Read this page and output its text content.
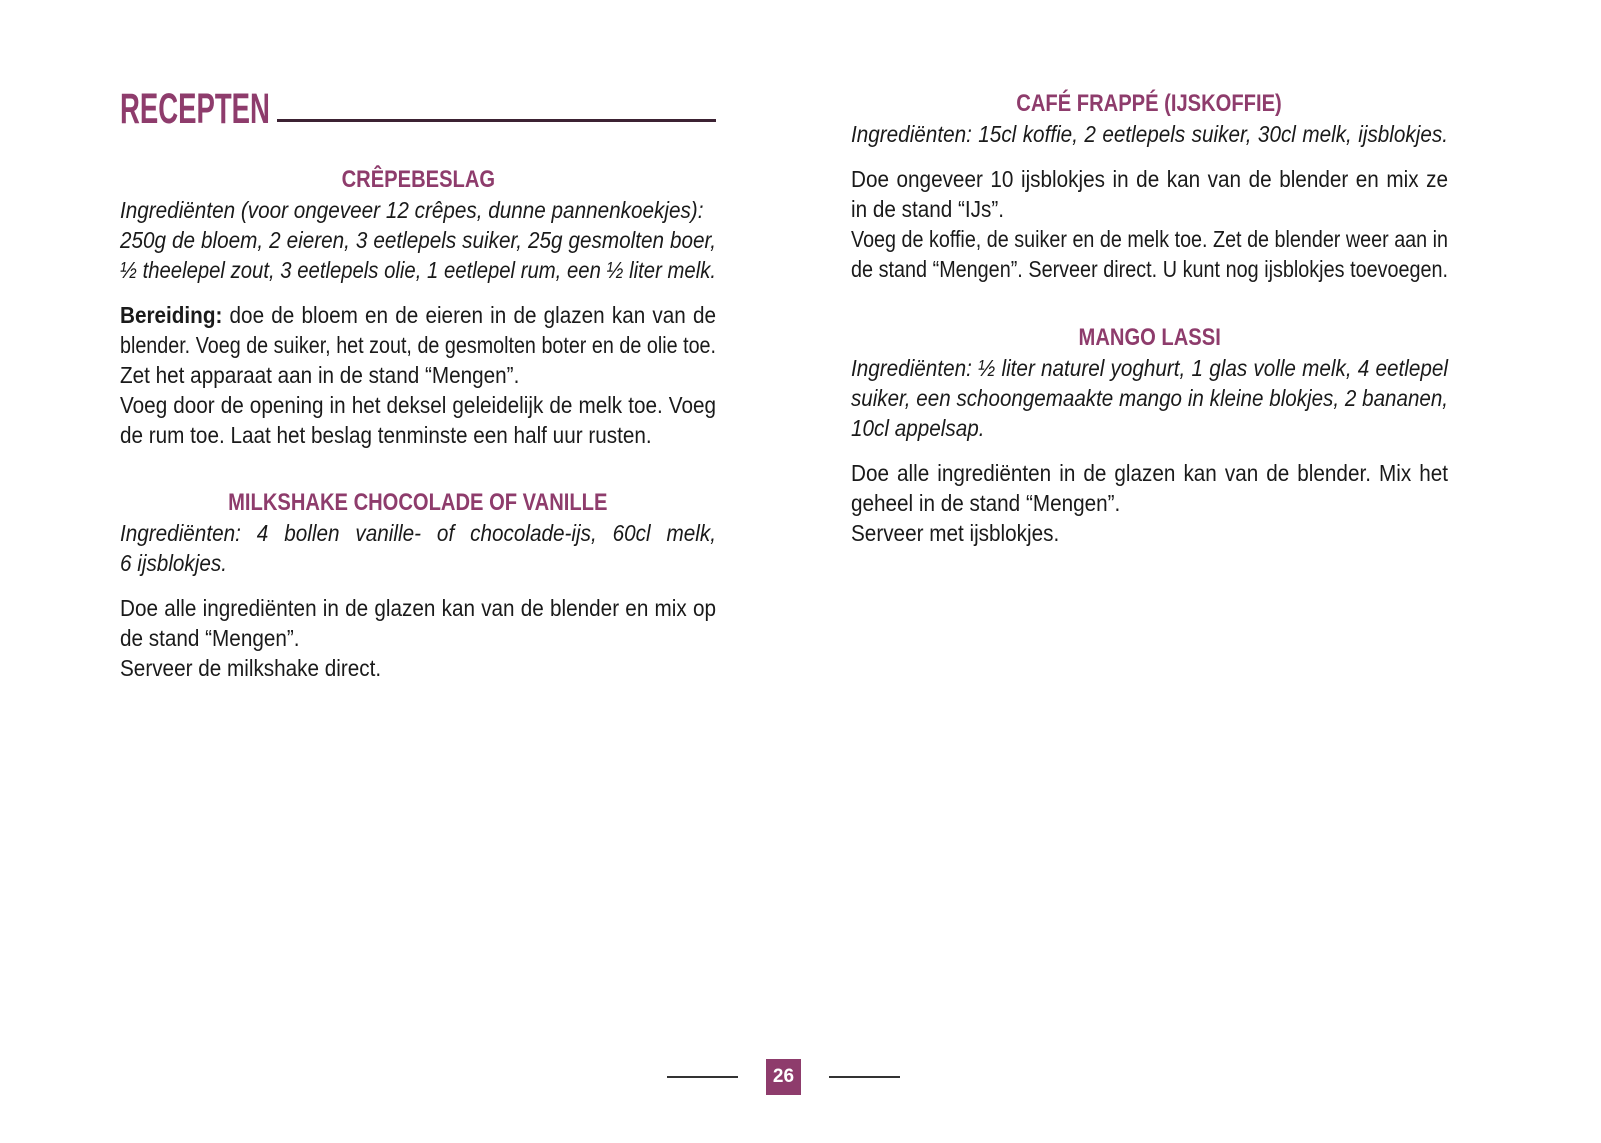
RECEPTEN
CRÊPEBESLAG
Ingrediënten (voor ongeveer 12 crêpes, dunne pannenkoekjes):
250g de bloem, 2 eieren, 3 eetlepels suiker, 25g gesmolten boer,
½ theelepel zout, 3 eetlepels olie, 1 eetlepel rum, een ½ liter melk.
Bereiding: doe de bloem en de eieren in de glazen kan van de
blender. Voeg de suiker, het zout, de gesmolten boter en de olie toe.
Zet het apparaat aan in de stand “Mengen”.
Voeg door de opening in het deksel geleidelijk de melk toe. Voeg
de rum toe. Laat het beslag tenminste een half uur rusten.
MILKSHAKE CHOCOLADE OF VANILLE
Ingrediënten: 4 bollen vanille- of chocolade-ijs, 60cl melk,
6 ijsblokjes.
Doe alle ingrediënten in de glazen kan van de blender en mix op
de stand “Mengen”.
Serveer de milkshake direct.
CAFÉ FRAPPÉ (IJSKOFFIE)
Ingrediënten: 15cl koffie, 2 eetlepels suiker, 30cl melk, ijsblokjes.
Doe ongeveer 10 ijsblokjes in de kan van de blender en mix ze
in de stand “IJs”.
Voeg de koffie, de suiker en de melk toe. Zet de blender weer aan in
de stand “Mengen”. Serveer direct. U kunt nog ijsblokjes toevoegen.
MANGO LASSI
Ingrediënten: ½ liter naturel yoghurt, 1 glas volle melk, 4 eetlepel
suiker, een schoongemaakte mango in kleine blokjes, 2 bananen,
10cl appelsap.
Doe alle ingrediënten in de glazen kan van de blender. Mix het
geheel in de stand “Mengen”.
Serveer met ijsblokjes.
26
